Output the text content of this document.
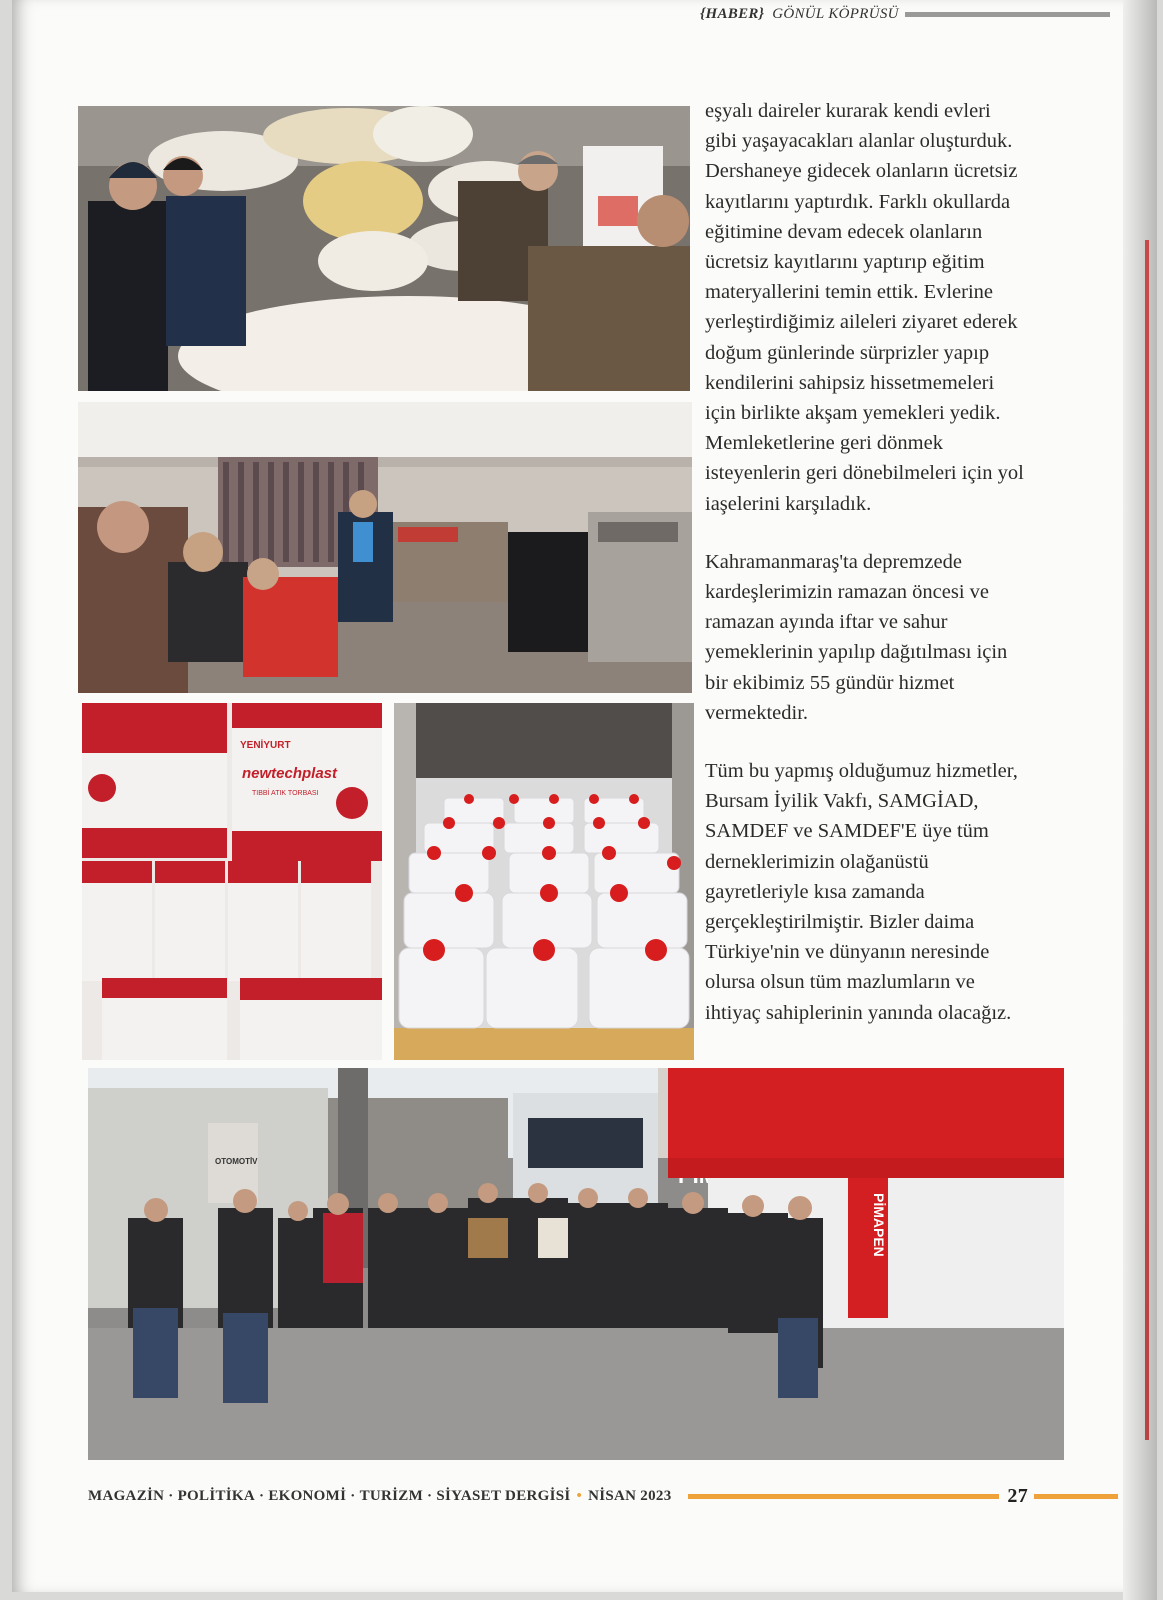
{HABER} GÖNÜL KÖPRÜSÜ
YENİYURT
newtechplast
TIBBİ ATIK TORBASI
OTOMOTİV
PİMAPEN

eşyalı daireler kurarak kendi evleri gibi yaşayacakları alanlar oluşturduk. Dershaneye gidecek olanların ücretsiz kayıtlarını yaptırdık. Farklı okullarda eğitimine devam edecek olanların ücretsiz kayıtlarını yaptırıp eğitim materyallerini temin ettik. Evlerine yerleştirdiğimiz aileleri ziyaret ederek doğum günlerinde sürprizler yapıp kendilerini sahipsiz hissetmemeleri için birlikte akşam yemekleri yedik. Memleketlerine geri dönmek isteyenlerin geri dönebilmeleri için yol iaşelerini karşıladık.

Kahramanmaraş'ta depremzede kardeşlerimizin ramazan öncesi ve ramazan ayında iftar ve sahur yemeklerinin yapılıp dağıtılması için bir ekibimiz 55 gündür hizmet vermektedir.

Tüm bu yapmış olduğumuz hizmetler, Bursam İyilik Vakfı, SAMGİAD, SAMDEF ve SAMDEF'E üye tüm derneklerimizin olağanüstü gayretleriyle kısa zamanda gerçekleştirilmiştir. Bizler daima Türkiye'nin ve dünyanın neresinde olursa olsun tüm mazlumların ve ihtiyaç sahiplerinin yanında olacağız.

MAGAZİN · POLİTİKA · EKONOMİ · TURİZM · SİYASET DERGİSİ • NİSAN 2023	27
